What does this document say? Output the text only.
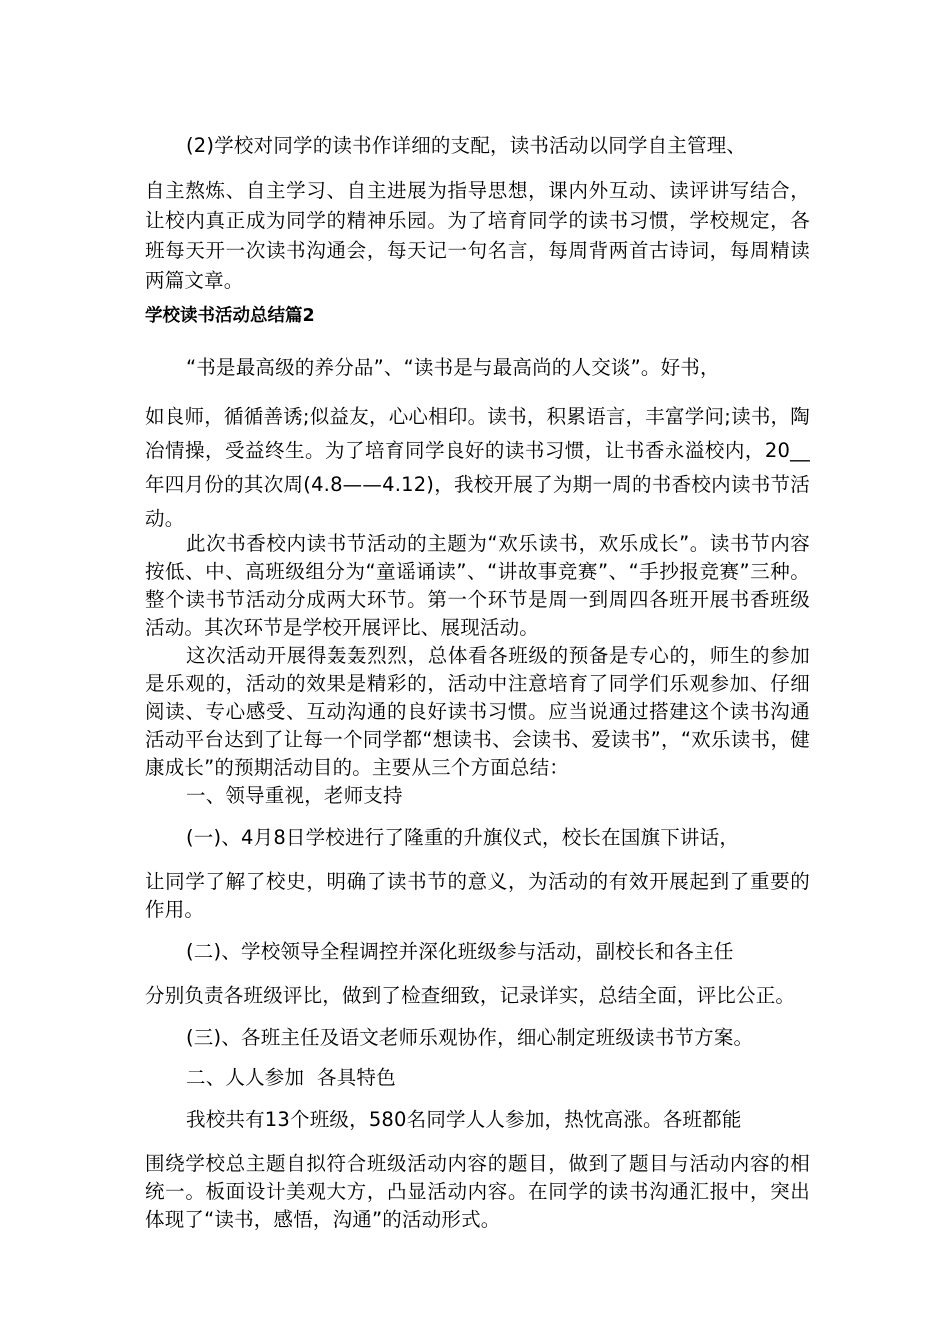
(2)学校对同学的读书作详细的支配，读书活动以同学自主管理、

自主熬炼、自主学习、自主进展为指导思想，课内外互动、读评讲写结合，让校内真正成为同学的精神乐园。为了培育同学的读书习惯，学校规定，各班每天开一次读书沟通会，每天记一句名言，每周背两首古诗词，每周精读两篇文章。

学校读书活动总结篇2

“书是最高级的养分品”、“读书是与最高尚的人交谈”。好书，

如良师，循循善诱;似益友，心心相印。读书，积累语言，丰富学问;读书，陶冶情操，受益终生。为了培育同学良好的读书习惯，让书香永溢校内，20__年四月份的其次周(4.8——4.12)，我校开展了为期一周的书香校内读书节活动。

此次书香校内读书节活动的主题为“欢乐读书，欢乐成长”。读书节内容按低、中、高班级组分为“童谣诵读”、“讲故事竞赛”、“手抄报竞赛”三种。整个读书节活动分成两大环节。第一个环节是周一到周四各班开展书香班级活动。其次环节是学校开展评比、展现活动。

这次活动开展得轰轰烈烈，总体看各班级的预备是专心的，师生的参加是乐观的，活动的效果是精彩的，活动中注意培育了同学们乐观参加、仔细阅读、专心感受、互动沟通的良好读书习惯。应当说通过搭建这个读书沟通活动平台达到了让每一个同学都“想读书、会读书、爱读书”，“欢乐读书，健康成长”的预期活动目的。主要从三个方面总结：

一、领导重视，老师支持

(一)、4月8日学校进行了隆重的升旗仪式，校长在国旗下讲话，

让同学了解了校史，明确了读书节的意义，为活动的有效开展起到了重要的作用。

(二)、学校领导全程调控并深化班级参与活动，副校长和各主任

分别负责各班级评比，做到了检查细致，记录详实，总结全面，评比公正。

(三)、各班主任及语文老师乐观协作，细心制定班级读书节方案。

二、人人参加  各具特色

我校共有13个班级，580名同学人人参加，热忱高涨。各班都能

围绕学校总主题自拟符合班级活动内容的题目，做到了题目与活动内容的相统一。板面设计美观大方，凸显活动内容。在同学的读书沟通汇报中，突出体现了“读书，感悟，沟通”的活动形式。
